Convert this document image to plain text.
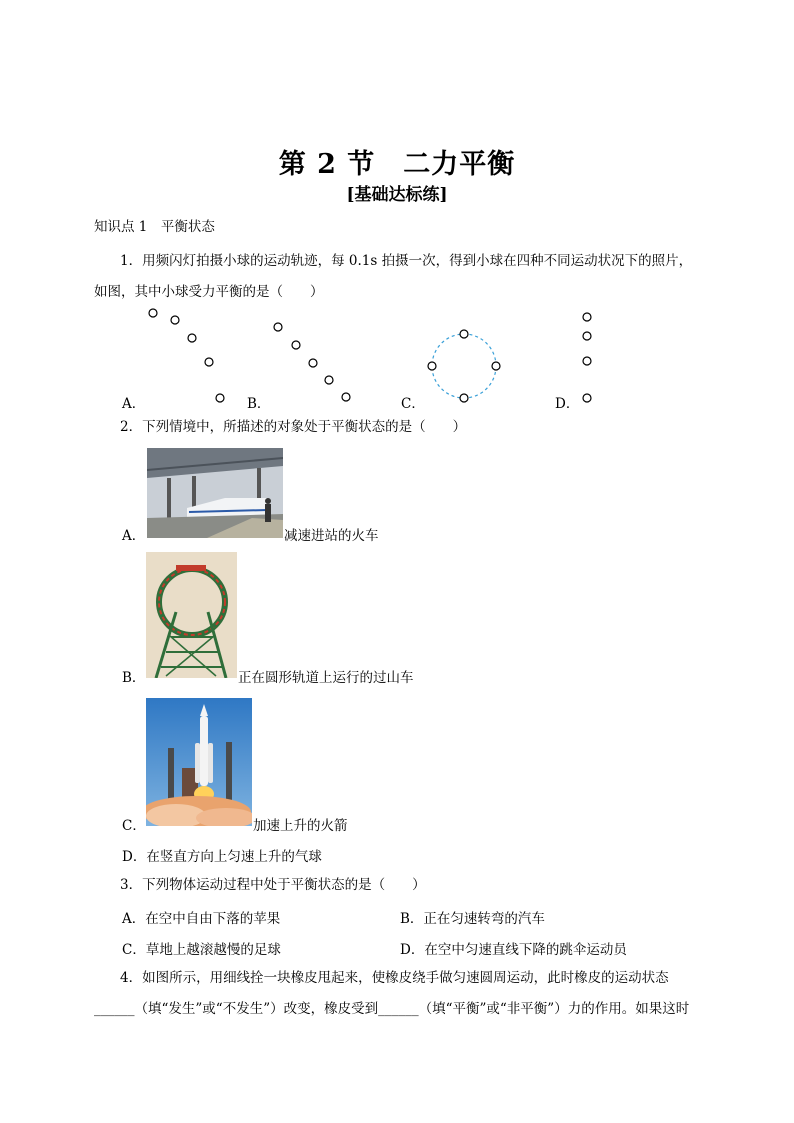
第 2 节　二力平衡
[基础达标练]
知识点 1　平衡状态
1．用频闪灯拍摄小球的运动轨迹，每 0.1s 拍摄一次，得到小球在四种不同运动状况下的照片，
如图，其中小球受力平衡的是（　　）
A．	B．	C．	D．
2．下列情境中，所描述的对象处于平衡状态的是（　　）
A．	减速进站的火车
B．	正在圆形轨道上运行的过山车
C．	加速上升的火箭
D．在竖直方向上匀速上升的气球
3．下列物体运动过程中处于平衡状态的是（　　）
A．在空中自由下落的苹果	B．正在匀速转弯的汽车
C．草地上越滚越慢的足球	D．在空中匀速直线下降的跳伞运动员
4．如图所示，用细线拴一块橡皮甩起来，使橡皮绕手做匀速圆周运动，此时橡皮的运动状态
______（填“发生”或“不发生”）改变，橡皮受到______（填“平衡”或“非平衡”）力的作用。如果这时
